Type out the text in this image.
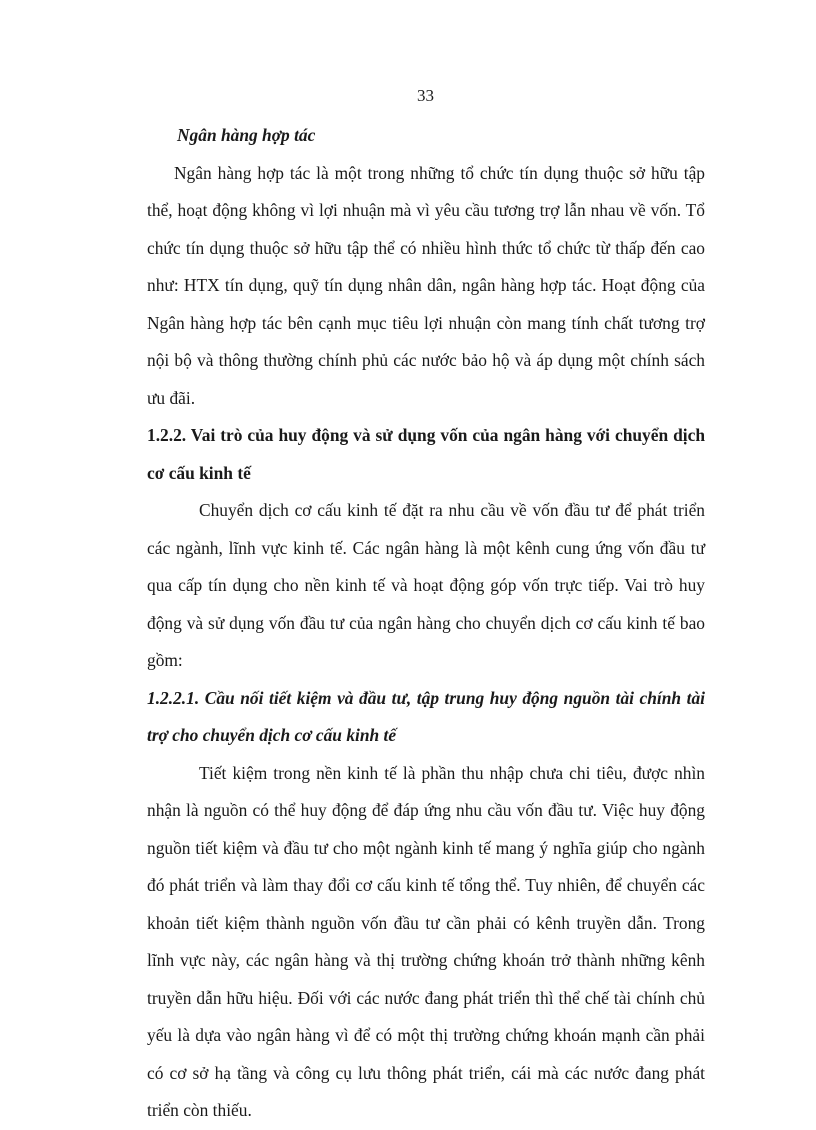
33

Ngân hàng hợp tác

Ngân hàng hợp tác là một trong những tổ chức tín dụng thuộc sở hữu tập thể, hoạt động không vì lợi nhuận mà vì yêu cầu tương trợ lẫn nhau về vốn. Tổ chức tín dụng thuộc sở hữu tập thể có nhiều hình thức tổ chức từ thấp đến cao như: HTX tín dụng, quỹ tín dụng nhân dân, ngân hàng hợp tác. Hoạt động của Ngân hàng hợp tác bên cạnh mục tiêu lợi nhuận còn mang tính chất tương trợ nội bộ và thông thường chính phủ các nước bảo hộ và áp dụng một chính sách ưu đãi.

1.2.2. Vai trò của huy động và sử dụng vốn của ngân hàng với chuyển dịch cơ cấu kinh tế

Chuyển dịch cơ cấu kinh tế đặt ra nhu cầu về vốn đầu tư để phát triển các ngành, lĩnh vực kinh tế. Các ngân hàng là một kênh cung ứng vốn đầu tư qua cấp tín dụng cho nền kinh tế và hoạt động góp vốn trực tiếp. Vai trò huy động và sử dụng vốn đầu tư của ngân hàng cho chuyển dịch cơ cấu kinh tế bao gồm:

1.2.2.1. Cầu nối tiết kiệm và đầu tư, tập trung huy động nguồn tài chính tài trợ cho chuyển dịch cơ cấu kinh tế

Tiết kiệm trong nền kinh tế là phần thu nhập chưa chi tiêu, được nhìn nhận là nguồn có thể huy động để đáp ứng nhu cầu vốn đầu tư. Việc huy động nguồn tiết kiệm và đầu tư cho một ngành kinh tế mang ý nghĩa giúp cho ngành đó phát triển và làm thay đổi cơ cấu kinh tế tổng thể. Tuy nhiên, để chuyển các khoản tiết kiệm thành nguồn vốn đầu tư cần phải có kênh truyền dẫn. Trong lĩnh vực này, các ngân hàng và thị trường chứng khoán trở thành những kênh truyền dẫn hữu hiệu. Đối với các nước đang phát triển thì thể chế tài chính chủ yếu là dựa vào ngân hàng vì để có một thị trường chứng khoán mạnh cần phải có cơ sở hạ tầng và công cụ lưu thông phát triển, cái mà các nước đang phát triển còn thiếu.
